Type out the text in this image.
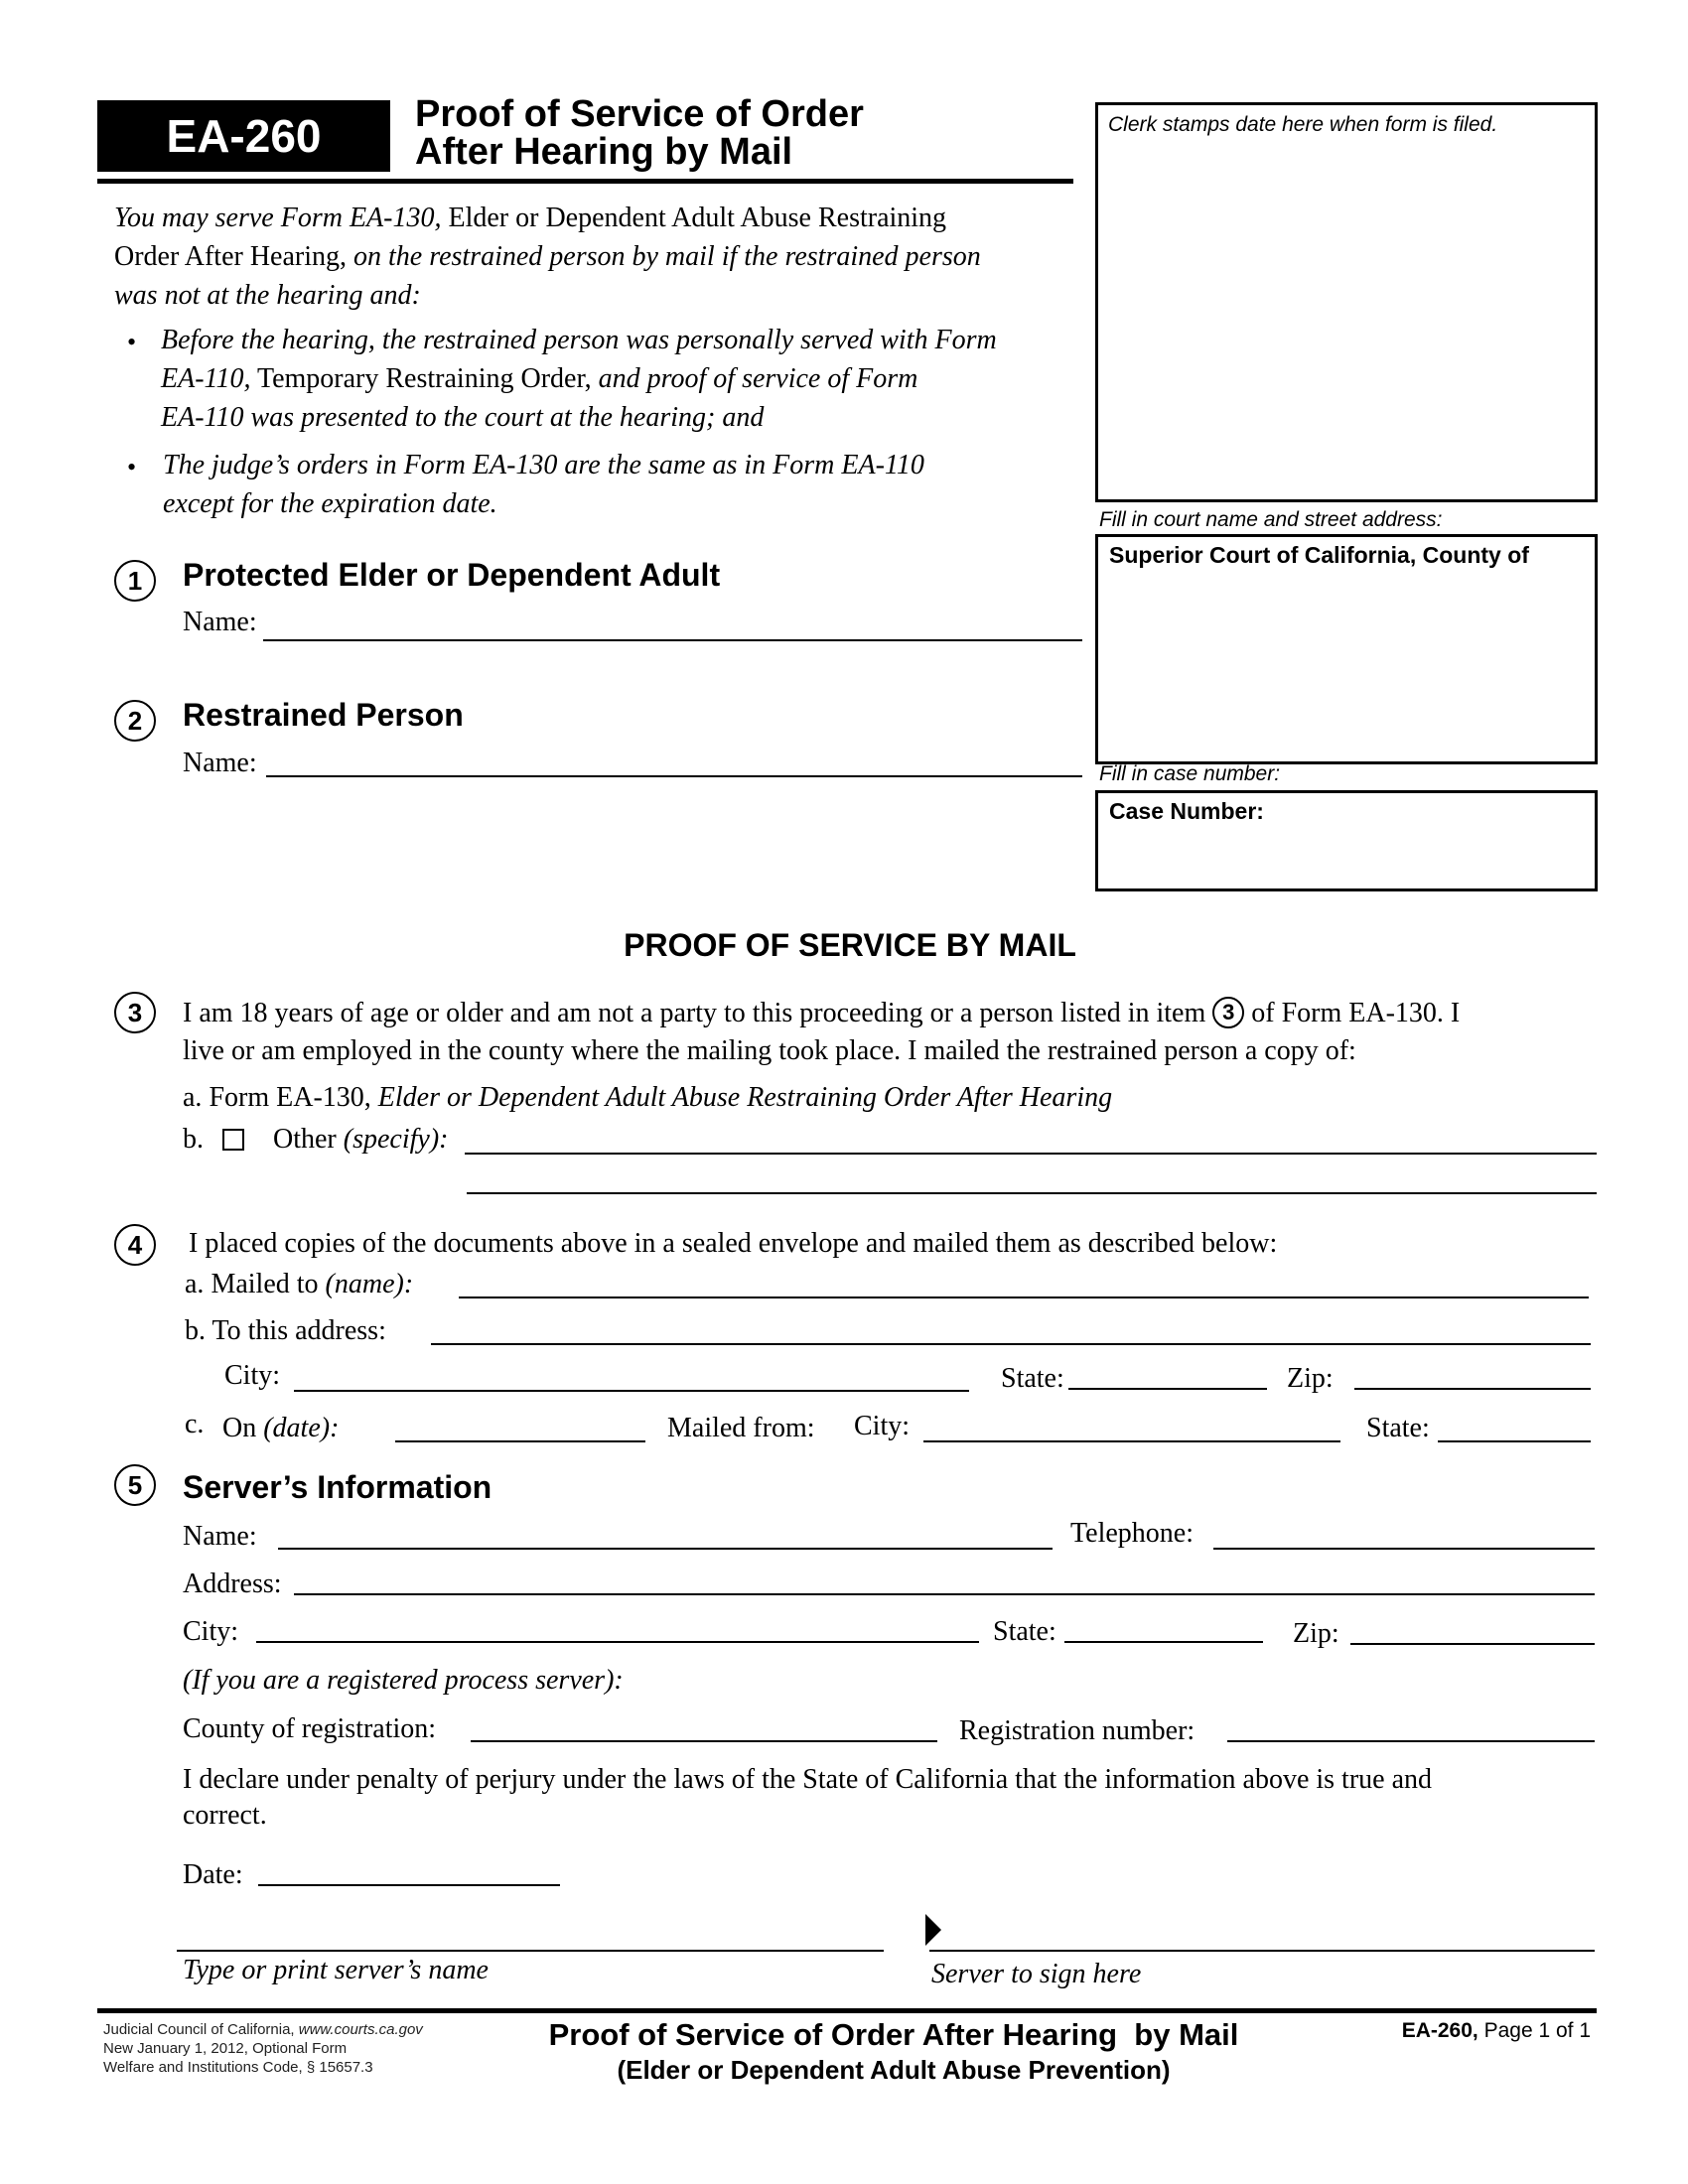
EA-260 Proof of Service of Order
After Hearing by Mail
You may serve Form EA-130, Elder or Dependent Adult Abuse Restraining
Order After Hearing, on the restrained person by mail if the restrained person
was not at the hearing and:
• Before the hearing, the restrained person was personally served with Form
EA-110, Temporary Restraining Order, and proof of service of Form
EA-110 was presented to the court at the hearing; and
• The judge’s orders in Form EA-130 are the same as in Form EA-110
except for the expiration date.
Clerk stamps date here when form is filed.
Fill in court name and street address:
Superior Court of California, County of
Fill in case number:
Case Number:
1	Protected Elder or Dependent Adult
Name:
2	Restrained Person
Name:
PROOF OF SERVICE BY MAIL
3	I am 18 years of age or older and am not a party to this proceeding or a person listed in item 3 of Form EA-130. I
live or am employed in the county where the mailing took place. I mailed the restrained person a copy of:
a. Form EA-130, Elder or Dependent Adult Abuse Restraining Order After Hearing
b.	Other (specify):
4	I placed copies of the documents above in a sealed envelope and mailed them as described below:
a. Mailed to (name):
b. To this address:
City:	State:	Zip:
c. On (date):	Mailed from: City:	State:
5	Server’s Information
Name:	Telephone:
Address:
City:	State:	Zip:
(If you are a registered process server):
County of registration:	Registration number:
I declare under penalty of perjury under the laws of the State of California that the information above is true and
correct.
Date:
Type or print server’s name	Server to sign here
Judicial Council of California, www.courts.ca.gov
New January 1, 2012, Optional Form
Welfare and Institutions Code, § 15657.3
Proof of Service of Order After Hearing  by Mail
(Elder or Dependent Adult Abuse Prevention)
EA-260, Page 1 of 1
